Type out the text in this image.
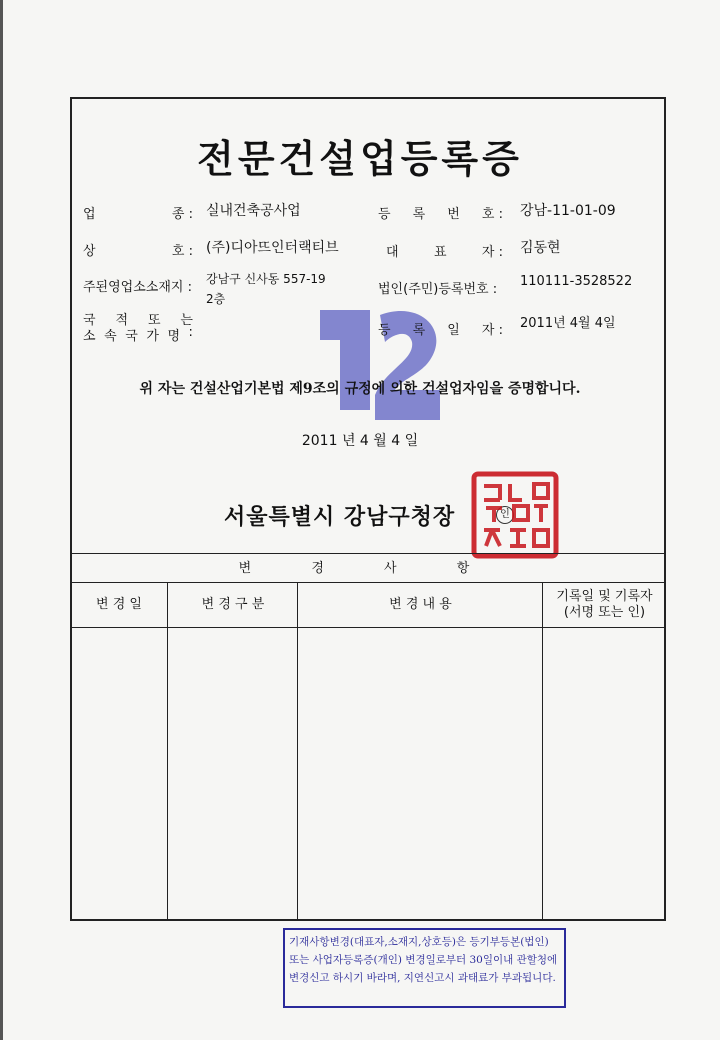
전문건설업등록증
업	종 : 실내건축공사업
상	호 : (주)디아뜨인터랙티브
주된영업소소재지 :
강남구 신사동 557-19
2층
국 적 또 는
소 속 국 가 명 :
등 록 번 호 : 강남-11-01-09
대	표	자 : 김동현
법인(주민)등록번호 :
110111-3528522
등 록 일 자 : 2011년 4월 4일
위 자는 건설산업기본법 제9조의 규정에 의한 건설업자임을 증명합니다.
2011 년 4 월 4 일
서울특별시 강남구청장	인
변 경 사 항
변 경 일	변 경 구 분	변 경 내 용
기록일 및 기록자
(서명 또는 인)
기재사항변경(대표자,소재지,상호등)은 등기부등본(법인) 또는 사업자등록증(개인) 변경일로부터 30일이내 관할청에 변경신고 하시기 바라며, 지연신고시 과태료가 부과됩니다.
